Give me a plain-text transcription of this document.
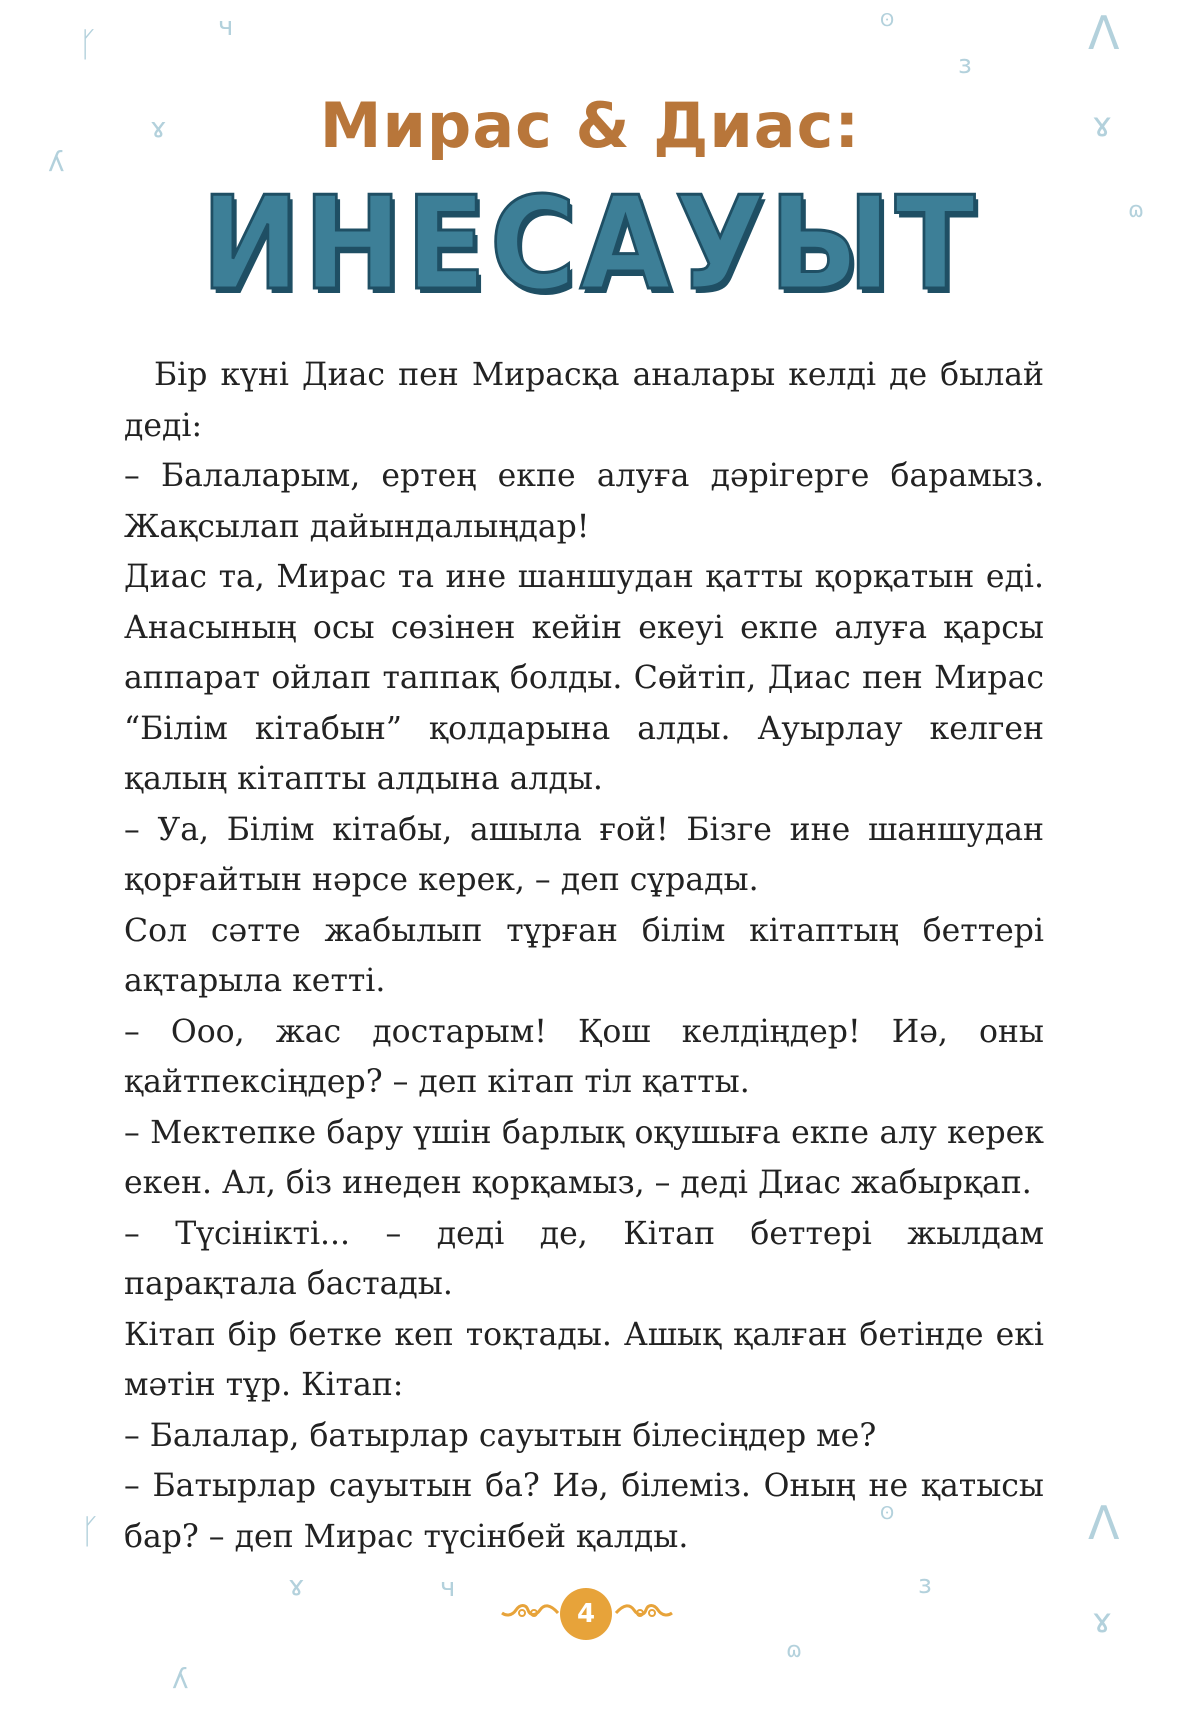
ᚴ	ч	ʘ	Ʌ
ɜ
ɤ	ɤ
ʎ
ɷ
ᚴ	ʘ	Ʌ
ɤ	ч	ɜ
ɤ
ʎ
ɷ
Мирас & Диас:
ИНЕСАУЫТ

Бір күні Диас пен Мирасқа аналары келді де былай деді:

– Балаларым, ертең екпе алуға дәрігерге барамыз. Жақсылап дайындалыңдар!

Диас та, Мирас та ине шаншудан қатты қорқатын еді. Анасының осы сөзінен кейін екеуі екпе алуға қарсы аппарат ойлап таппақ болды. Сөйтіп, Диас пен Мирас “Білім кітабын” қолдарына алды. Ауырлау келген қалың кітапты алдына алды.

– Уа, Білім кітабы, ашыла ғой! Бізге ине шаншудан қорғайтын нәрсе керек, – деп сұрады.

Сол сәтте жабылып тұрған білім кітаптың беттері ақтарыла кетті.

– Ооо, жас достарым! Қош келдіңдер! Иә, оны қайтпексіңдер? – деп кітап тіл қатты.

– Мектепке бару үшін барлық оқушыға екпе алу керек екен. Ал, біз инеден қорқамыз, – деді Диас жабырқап.

– Түсінікті... – деді де, Кітап беттері жылдам парақтала бастады.

Кітап бір бетке кеп тоқтады. Ашық қалған бетінде екі мәтін тұр. Кітап:

– Балалар, батырлар сауытын білесіңдер ме?

– Батырлар сауытын ба? Иә, білеміз. Оның не қатысы бар? – деп Мирас түсінбей қалды.

4
